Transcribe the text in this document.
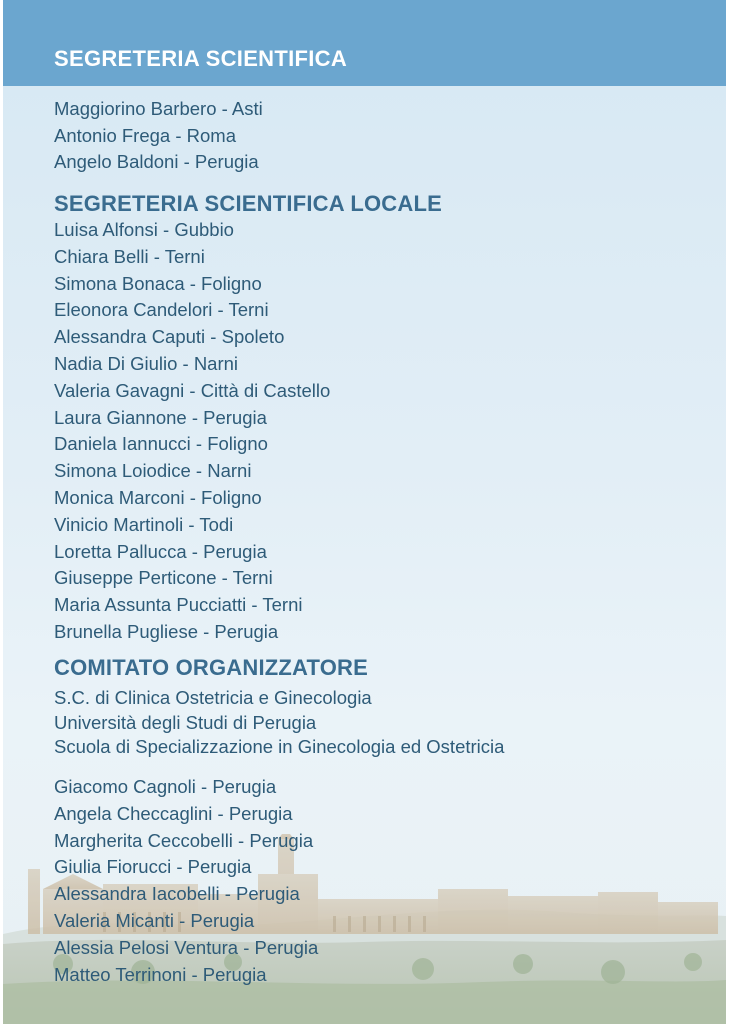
SEGRETERIA SCIENTIFICA
Maggiorino Barbero - Asti
Antonio Frega - Roma
Angelo Baldoni - Perugia
SEGRETERIA SCIENTIFICA LOCALE
Luisa Alfonsi - Gubbio
Chiara Belli - Terni
Simona Bonaca - Foligno
Eleonora Candelori - Terni
Alessandra Caputi - Spoleto
Nadia Di Giulio - Narni
Valeria Gavagni - Città di Castello
Laura Giannone - Perugia
Daniela Iannucci - Foligno
Simona Loiodice - Narni
Monica Marconi - Foligno
Vinicio Martinoli - Todi
Loretta Pallucca - Perugia
Giuseppe Perticone - Terni
Maria Assunta Pucciatti - Terni
Brunella Pugliese - Perugia
COMITATO ORGANIZZATORE
S.C. di Clinica Ostetricia e Ginecologia
Università degli Studi di Perugia
Scuola di Specializzazione in Ginecologia ed Ostetricia
Giacomo Cagnoli - Perugia
Angela Checcaglini - Perugia
Margherita Ceccobelli - Perugia
Giulia Fiorucci - Perugia
Alessandra Iacobelli - Perugia
Valeria Micanti - Perugia
Alessia Pelosi Ventura - Perugia
Matteo Terrinoni - Perugia
